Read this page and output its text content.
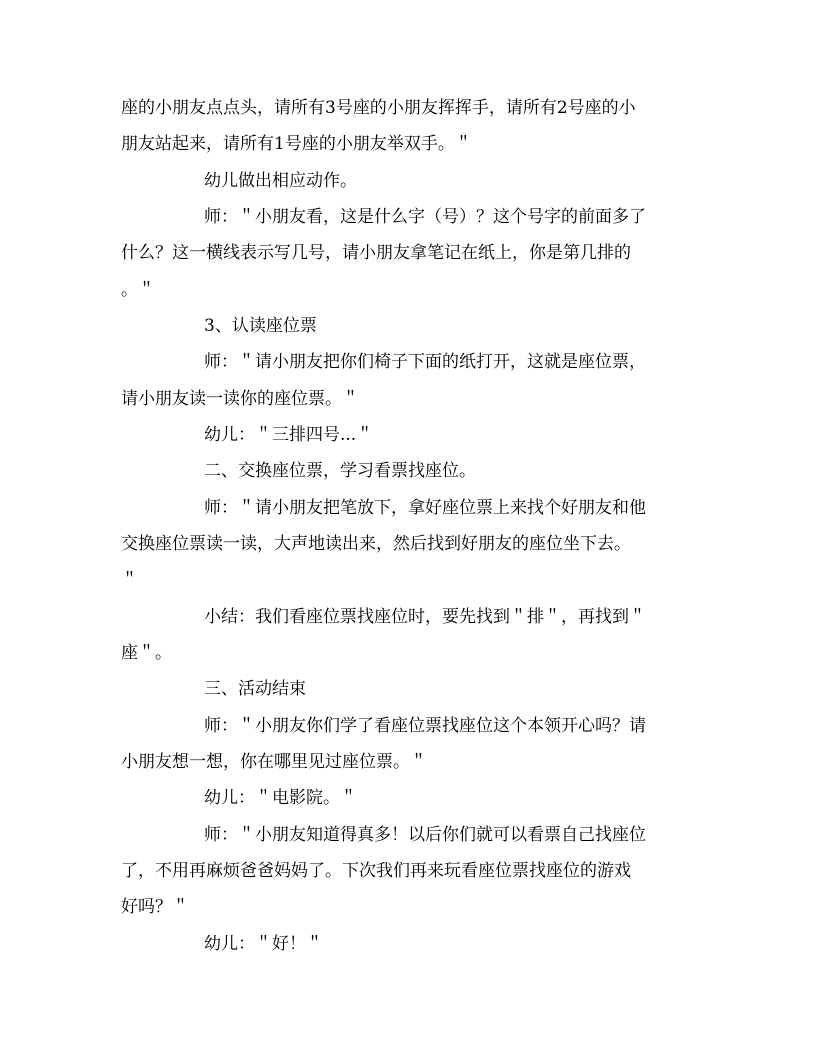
座的小朋友点点头，请所有3号座的小朋友挥挥手，请所有2号座的小
朋友站起来，请所有1号座的小朋友举双手。＂
幼儿做出相应动作。
师：＂小朋友看，这是什么字（号）？这个号字的前面多了
什么？这一横线表示写几号，请小朋友拿笔记在纸上，你是第几排的
。＂
3、认读座位票
师：＂请小朋友把你们椅子下面的纸打开，这就是座位票，
请小朋友读一读你的座位票。＂
幼儿：＂三排四号...＂
二、交换座位票，学习看票找座位。
师：＂请小朋友把笔放下，拿好座位票上来找个好朋友和他
交换座位票读一读，大声地读出来，然后找到好朋友的座位坐下去。
＂
小结：我们看座位票找座位时，要先找到＂排＂，再找到＂
座＂。
三、活动结束
师：＂小朋友你们学了看座位票找座位这个本领开心吗？请
小朋友想一想，你在哪里见过座位票。＂
幼儿：＂电影院。＂
师：＂小朋友知道得真多！以后你们就可以看票自己找座位
了，不用再麻烦爸爸妈妈了。下次我们再来玩看座位票找座位的游戏
好吗？＂
幼儿：＂好！＂
